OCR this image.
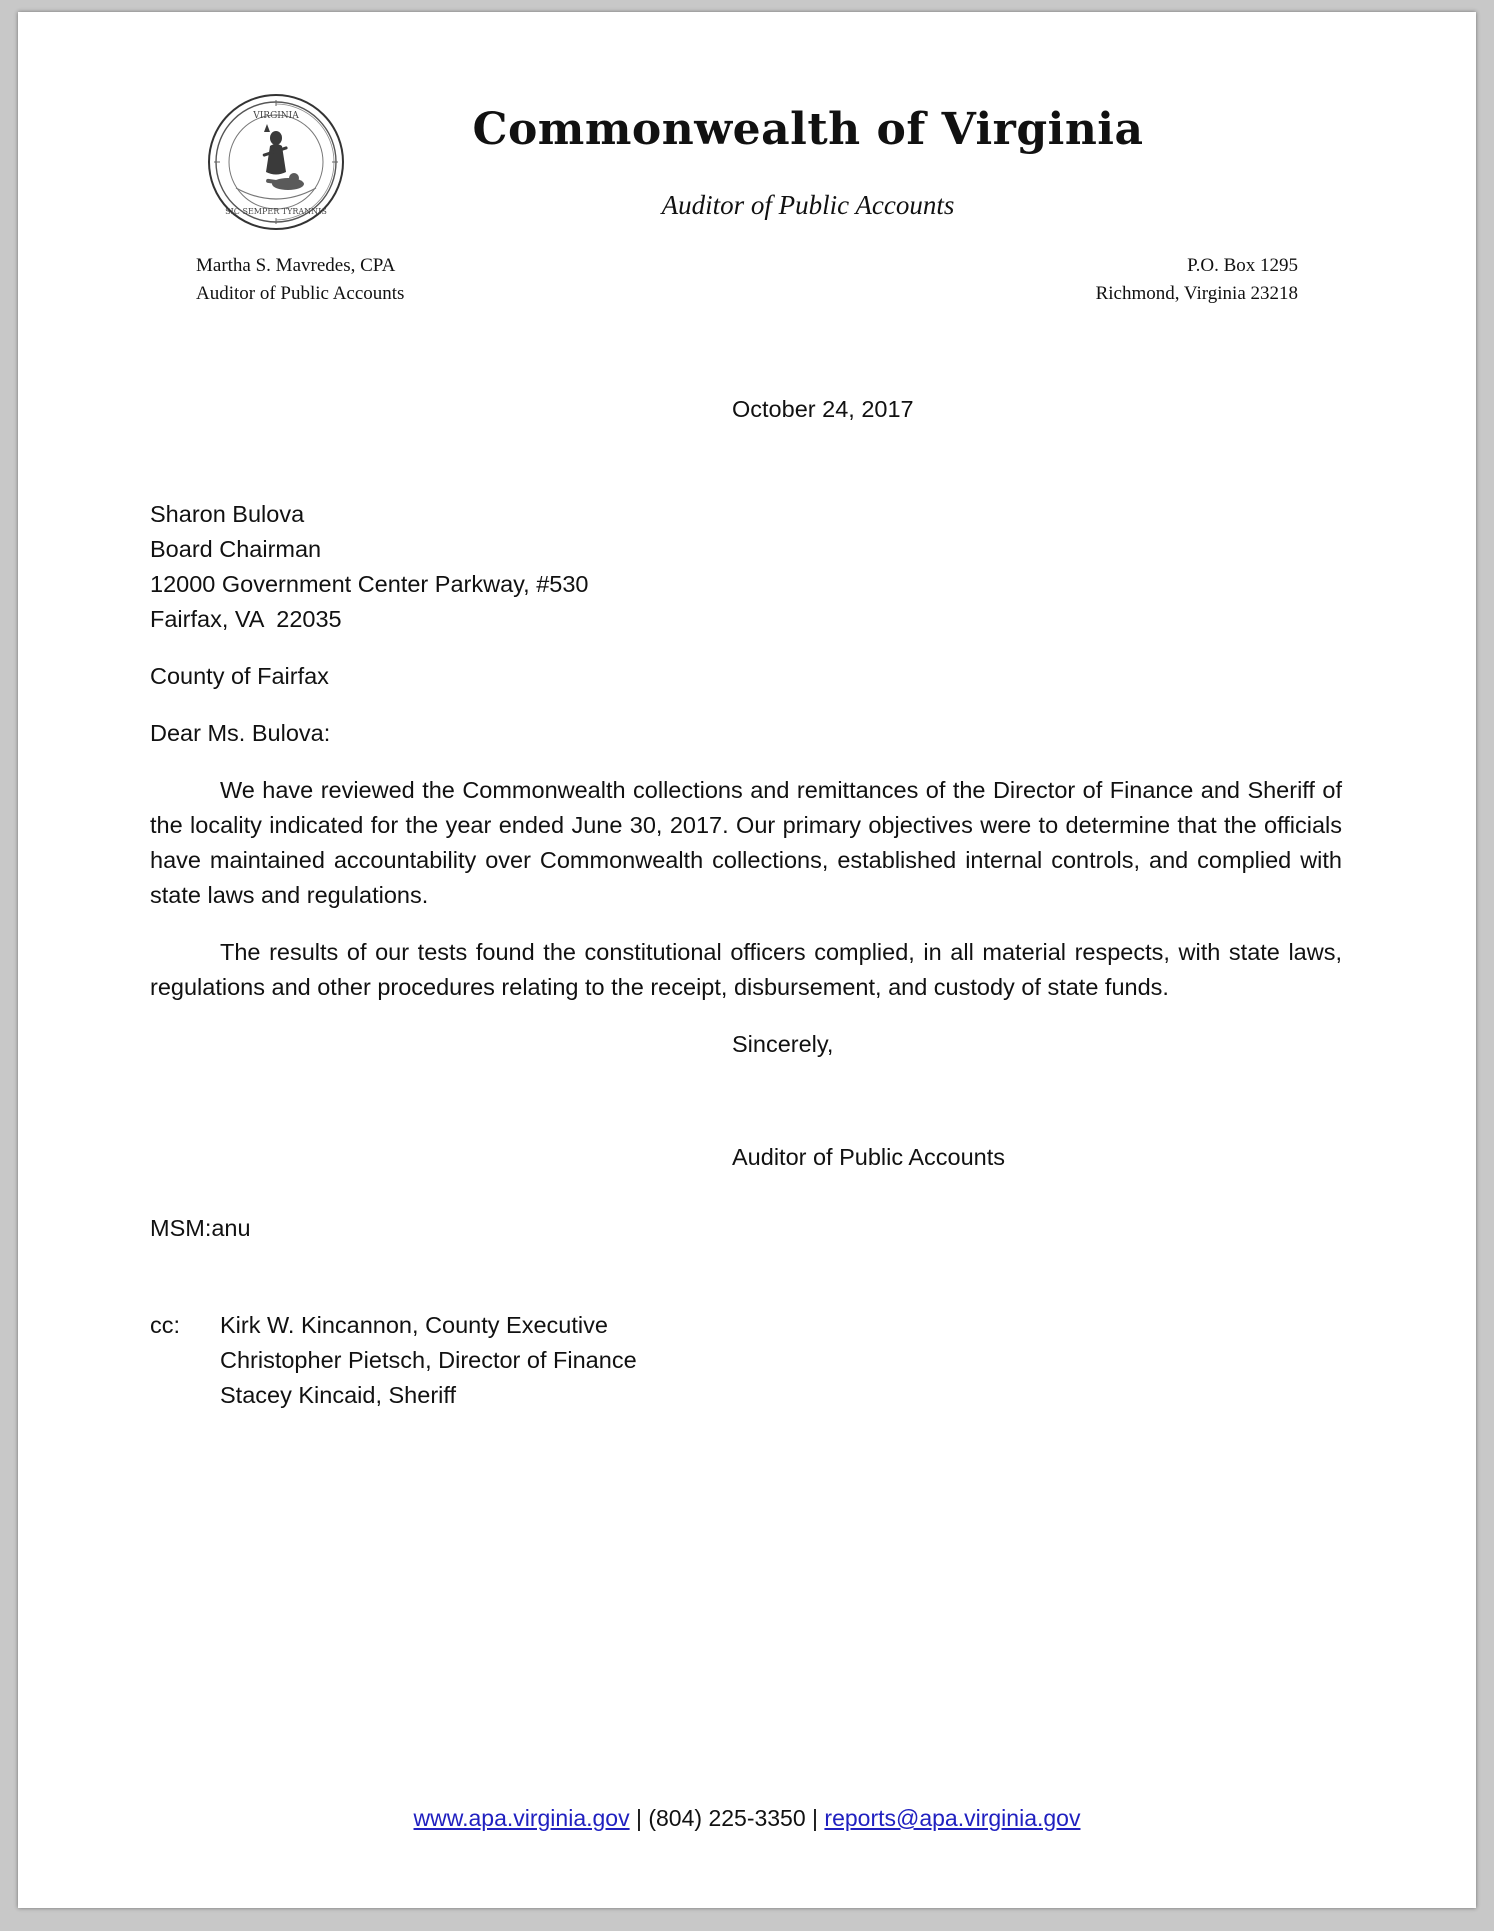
VIRGINIA
SIC SEMPER TYRANNIS
Commonwealth of Virginia
Auditor of Public Accounts
Martha S. Mavredes, CPA
Auditor of Public Accounts
P.O. Box 1295
Richmond, Virginia 23218
October 24, 2017
Sharon Bulova
Board Chairman
12000 Government Center Parkway, #530
Fairfax, VA  22035
County of Fairfax
Dear Ms. Bulova:
We have reviewed the Commonwealth collections and remittances of the Director of Finance and Sheriff of the locality indicated for the year ended June 30, 2017. Our primary objectives were to determine that the officials have maintained accountability over Commonwealth collections, established internal controls, and complied with state laws and regulations.
The results of our tests found the constitutional officers complied, in all material respects, with state laws, regulations and other procedures relating to the receipt, disbursement, and custody of state funds.
Sincerely,
Auditor of Public Accounts
MSM:anu
cc:	Kirk W. Kincannon, County Executive
Christopher Pietsch, Director of Finance
Stacey Kincaid, Sheriff
www.apa.virginia.gov | (804) 225-3350 | reports@apa.virginia.gov
